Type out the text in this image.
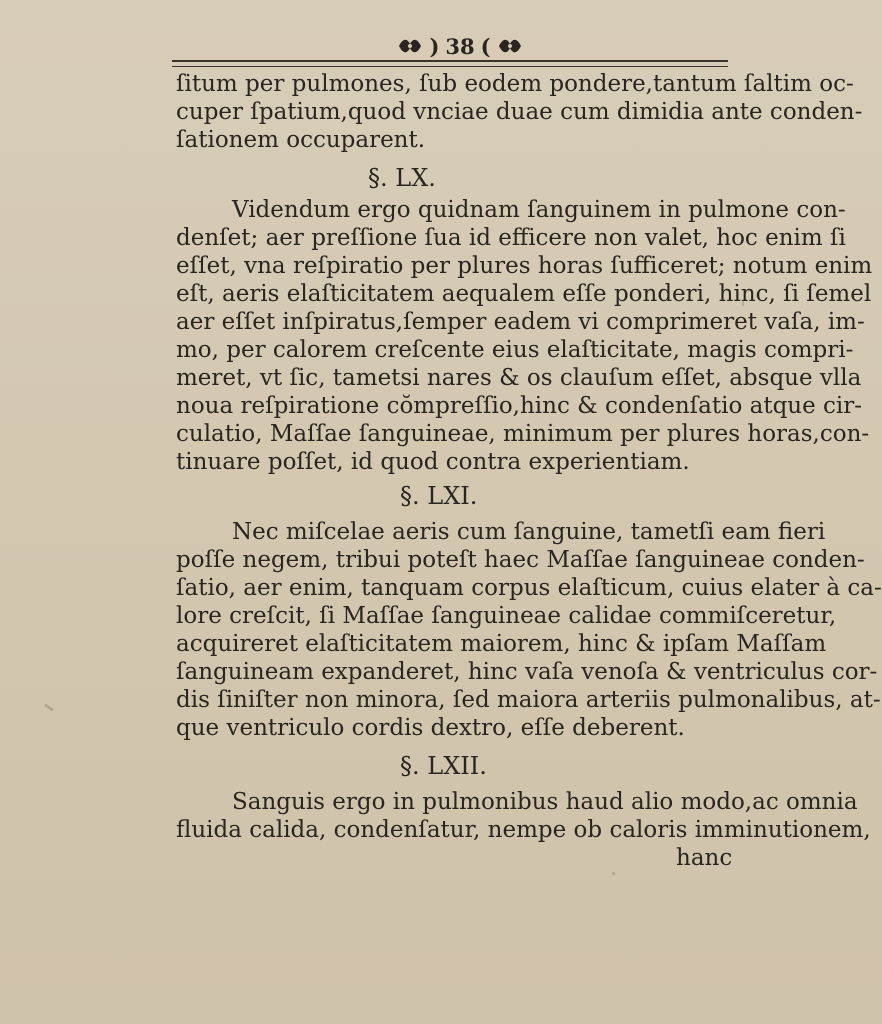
) 38 (
ſitum per pulmones, ſub eodem pondere,tantum ſaltim oc-
cuper ſpatium,quod vnciae duae cum dimidia ante conden-
ſationem occuparent.
§. LX.
Videndum ergo quidnam ſanguinem in pulmone con-
denſet; aer preſſione ſua id efficere non valet, hoc enim ſi
eſſet, vna reſpiratio per plures horas ſufficeret; notum enim
eſt, aeris elaſticitatem aequalem eſſe ponderi, hinc, ſi ſemel
aer eſſet inſpiratus,ſemper eadem vi comprimeret vaſa, im-
mo, per calorem creſcente eius elaſticitate, magis compri-
meret, vt ſic, tametsi nares & os clauſum eſſet, absque vlla
noua reſpiratione cŏmpreſſio,hinc & condenſatio atque cir-
culatio, Maſſae ſanguineae, minimum per plures horas,con-
tinuare poſſet, id quod contra experientiam.
§. LXI.
Nec miſcelae aeris cum ſanguine, tametſi eam fieri
poſſe negem, tribui poteſt haec Maſſae ſanguineae conden-
ſatio, aer enim, tanquam corpus elaſticum, cuius elater à ca-
lore creſcit, ſi Maſſae ſanguineae calidae commiſceretur,
acquireret elaſticitatem maiorem, hinc & ipſam Maſſam
ſanguineam expanderet, hinc vaſa venoſa & ventriculus cor-
dis ſiniſter non minora, ſed maiora arteriis pulmonalibus, at-
que ventriculo cordis dextro, eſſe deberent.
§. LXII.
Sanguis ergo in pulmonibus haud alio modo,ac omnia
fluida calida, condenſatur, nempe ob caloris imminutionem,
hanc
